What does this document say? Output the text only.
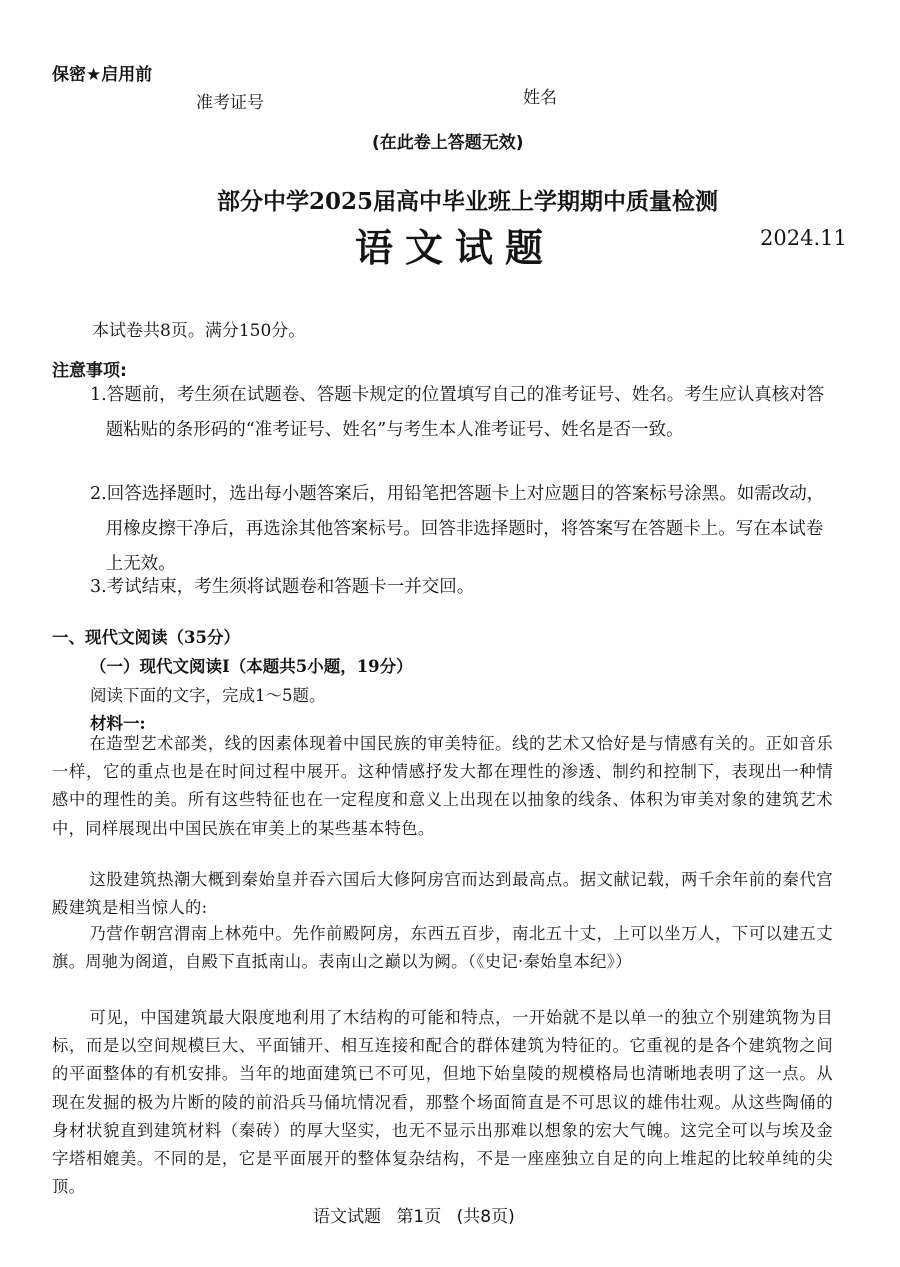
保密★启用前
准考证号	姓名
(在此卷上答题无效)
部分中学2025届高中毕业班上学期期中质量检测
语文试题	2024.11
本试卷共8页。满分150分。
注意事项:

1.答题前，考生须在试题卷、答题卡规定的位置填写自己的准考证号、姓名。考生应认真核对答题粘贴的条形码的“准考证号、姓名”与考生本人准考证号、姓名是否一致。

2.回答选择题时，选出每小题答案后，用铅笔把答题卡上对应题目的答案标号涂黑。如需改动，用橡皮擦干净后，再选涂其他答案标号。回答非选择题时，将答案写在答题卡上。写在本试卷上无效。

3.考试结束，考生须将试题卷和答题卡一并交回。

一、现代文阅读（35分）
（一）现代文阅读Ⅰ（本题共5小题，19分）
阅读下面的文字，完成1～5题。
材料一:

在造型艺术部类，线的因素体现着中国民族的审美特征。线的艺术又恰好是与情感有关的。正如音乐一样，它的重点也是在时间过程中展开。这种情感抒发大都在理性的渗透、制约和控制下，表现出一种情感中的理性的美。所有这些特征也在一定程度和意义上出现在以抽象的线条、体积为审美对象的建筑艺术中，同样展现出中国民族在审美上的某些基本特色。

这股建筑热潮大概到秦始皇并吞六国后大修阿房宫而达到最高点。据文献记载，两千余年前的秦代宫殿建筑是相当惊人的:

乃营作朝宫渭南上林苑中。先作前殿阿房，东西五百步，南北五十丈，上可以坐万人，下可以建五丈旗。周驰为阁道，自殿下直抵南山。表南山之巅以为阙。（《史记·秦始皇本纪》）

可见，中国建筑最大限度地利用了木结构的可能和特点，一开始就不是以单一的独立个别建筑物为目标，而是以空间规模巨大、平面铺开、相互连接和配合的群体建筑为特征的。它重视的是各个建筑物之间的平面整体的有机安排。当年的地面建筑已不可见，但地下始皇陵的规模格局也清晰地表明了这一点。从现在发掘的极为片断的陵的前沿兵马俑坑情况看，那整个场面简直是不可思议的雄伟壮观。从这些陶俑的身材状貌直到建筑材料（秦砖）的厚大坚实，也无不显示出那难以想象的宏大气魄。这完全可以与埃及金字塔相媲美。不同的是，它是平面展开的整体复杂结构，不是一座座独立自足的向上堆起的比较单纯的尖顶。

语文试题 第1页 (共8页)
